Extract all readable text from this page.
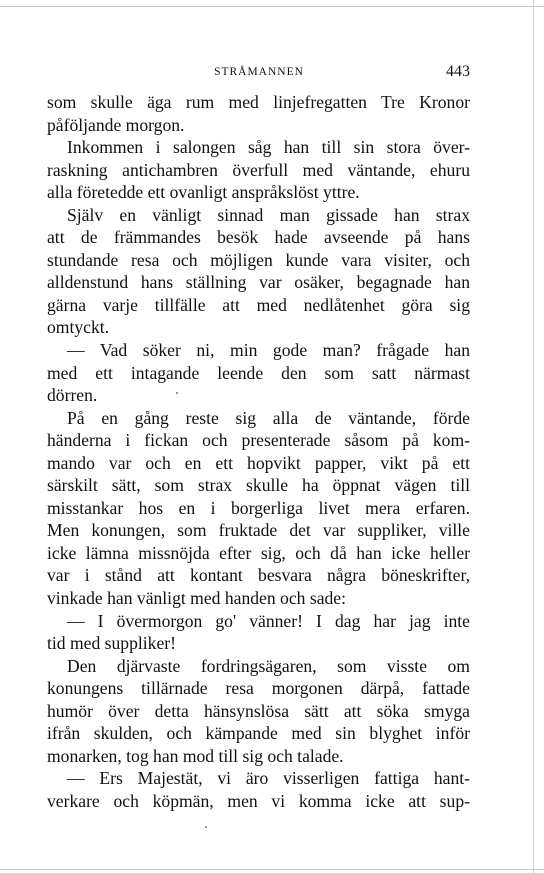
STRÅMANNEN	443
som skulle äga rum med linjefregatten Tre Kronor
påföljande morgon.
Inkommen i salongen såg han till sin stora över-
raskning antichambren överfull med väntande, ehuru
alla företedde ett ovanligt anspråkslöst yttre.
Själv en vänligt sinnad man gissade han strax
att de främmandes besök hade avseende på hans
stundande resa och möjligen kunde vara visiter, och
alldenstund hans ställning var osäker, begagnade han
gärna varje tillfälle att med nedlåtenhet göra sig
omtyckt.
— Vad söker ni, min gode man? frågade han
med ett intagande leende den som satt närmast
dörren.
På en gång reste sig alla de väntande, förde
händerna i fickan och presenterade såsom på kom-
mando var och en ett hopvikt papper, vikt på ett
särskilt sätt, som strax skulle ha öppnat vägen till
misstankar hos en i borgerliga livet mera erfaren.
Men konungen, som fruktade det var suppliker, ville
icke lämna missnöjda efter sig, och då han icke heller
var i stånd att kontant besvara några böneskrifter,
vinkade han vänligt med handen och sade:
— I övermorgon go' vänner! I dag har jag inte
tid med suppliker!
Den djärvaste fordringsägaren, som visste om
konungens tillärnade resa morgonen därpå, fattade
humör över detta hänsynslösa sätt att söka smyga
ifrån skulden, och kämpande med sin blyghet inför
monarken, tog han mod till sig och talade.
— Ers Majestät, vi äro visserligen fattiga hant-
verkare och köpmän, men vi komma icke att sup-
